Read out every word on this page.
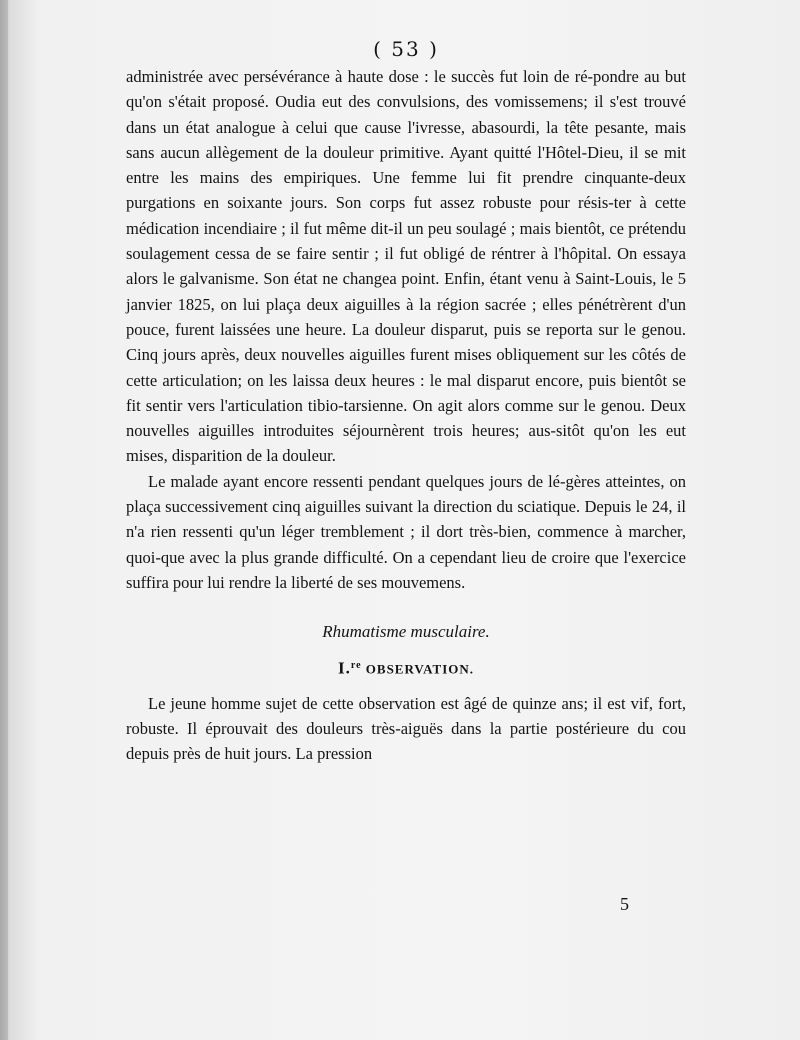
( 53 )

administrée avec persévérance à haute dose : le succès fut loin de ré-pondre au but qu'on s'était proposé. Oudia eut des convulsions, des vomissemens; il s'est trouvé dans un état analogue à celui que cause l'ivresse, abasourdi, la tête pesante, mais sans aucun allègement de la douleur primitive. Ayant quitté l'Hôtel-Dieu, il se mit entre les mains des empiriques. Une femme lui fit prendre cinquante-deux purgations en soixante jours. Son corps fut assez robuste pour résis-ter à cette médication incendiaire ; il fut même dit-il un peu soulagé ; mais bientôt, ce prétendu soulagement cessa de se faire sentir ; il fut obligé de réntrer à l'hôpital. On essaya alors le galvanisme. Son état ne changea point. Enfin, étant venu à Saint-Louis, le 5 janvier 1825, on lui plaça deux aiguilles à la région sacrée ; elles pénétrèrent d'un pouce, furent laissées une heure. La douleur disparut, puis se reporta sur le genou. Cinq jours après, deux nouvelles aiguilles furent mises obliquement sur les côtés de cette articulation; on les laissa deux heures : le mal disparut encore, puis bientôt se fit sentir vers l'articulation tibio-tarsienne. On agit alors comme sur le genou. Deux nouvelles aiguilles introduites séjournèrent trois heures; aus-sitôt qu'on les eut mises, disparition de la douleur.

Le malade ayant encore ressenti pendant quelques jours de lé-gères atteintes, on plaça successivement cinq aiguilles suivant la direction du sciatique. Depuis le 24, il n'a rien ressenti qu'un léger tremblement ; il dort très-bien, commence à marcher, quoi-que avec la plus grande difficulté. On a cependant lieu de croire que l'exercice suffira pour lui rendre la liberté de ses mouvemens.

Rhumatisme musculaire.
I.$^{re}$ OBSERVATION.

Le jeune homme sujet de cette observation est âgé de quinze ans; il est vif, fort, robuste. Il éprouvait des douleurs très-aiguës dans la partie postérieure du cou depuis près de huit jours. La pression

5
